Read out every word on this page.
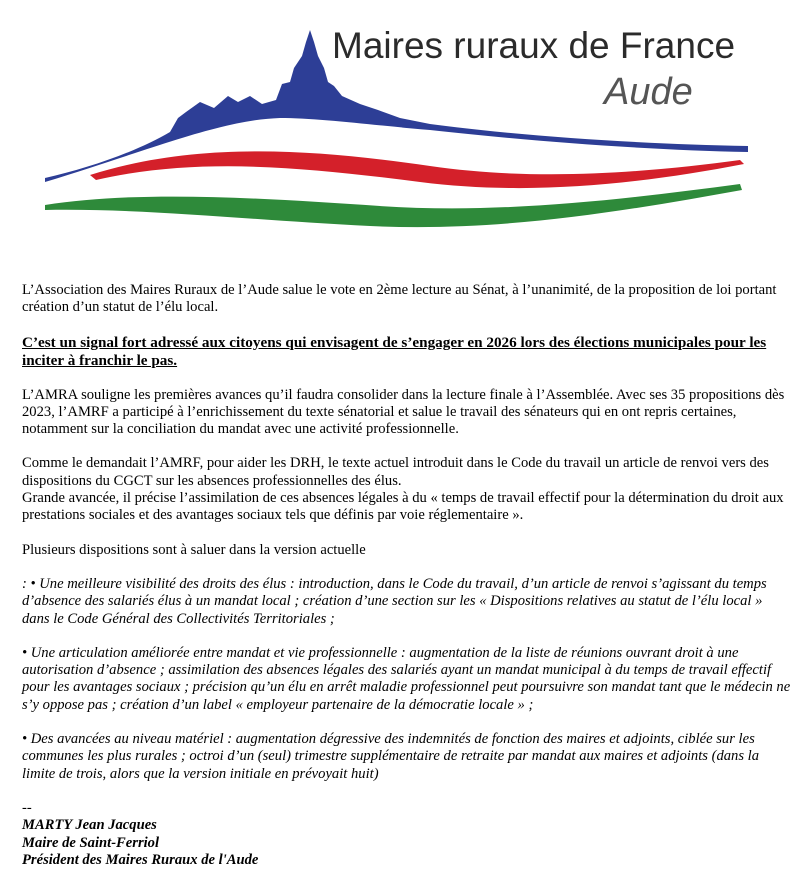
Maires ruraux de France
Aude

L’Association des Maires Ruraux de l’Aude salue le vote en 2ème lecture au Sénat, à l’unanimité, de la proposition de loi portant création d’un statut de l’élu local.

C’est un signal fort adressé aux citoyens qui envisagent de s’engager en 2026 lors des élections municipales pour les inciter à franchir le pas.

L’AMRA souligne les premières avances qu’il faudra consolider dans la lecture finale à l’Assemblée. Avec ses 35 propositions dès 2023, l’AMRF a participé à l’enrichissement du texte sénatorial et salue le travail des sénateurs qui en ont repris certaines, notamment sur la conciliation du mandat avec une activité professionnelle.

Comme le demandait l’AMRF, pour aider les DRH, le texte actuel introduit dans le Code du travail un article de renvoi vers des dispositions du CGCT sur les absences professionnelles des élus.

Grande avancée, il précise l’assimilation de ces absences légales à du « temps de travail effectif pour la détermination du droit aux prestations sociales et des avantages sociaux tels que définis par voie réglementaire ».

Plusieurs dispositions sont à saluer dans la version actuelle

: • Une meilleure visibilité des droits des élus : introduction, dans le Code du travail, d’un article de renvoi s’agissant du temps d’absence des salariés élus à un mandat local ; création d’une section sur les « Dispositions relatives au statut de l’élu local » dans le Code Général des Collectivités Territoriales ;

• Une articulation améliorée entre mandat et vie professionnelle : augmentation de la liste de réunions ouvrant droit à une autorisation d’absence ; assimilation des absences légales des salariés ayant un mandat municipal à du temps de travail effectif pour les avantages sociaux ; précision qu’un élu en arrêt maladie professionnel peut poursuivre son mandat tant que le médecin ne s’y oppose pas ; création d’un label « employeur partenaire de la démocratie locale » ;

• Des avancées au niveau matériel : augmentation dégressive des indemnités de fonction des maires et adjoints, ciblée sur les communes les plus rurales ; octroi d’un (seul) trimestre supplémentaire de retraite par mandat aux maires et adjoints (dans la limite de trois, alors que la version initiale en prévoyait huit)

--

MARTY Jean Jacques

Maire de Saint-Ferriol

Président des Maires Ruraux de l'Aude
